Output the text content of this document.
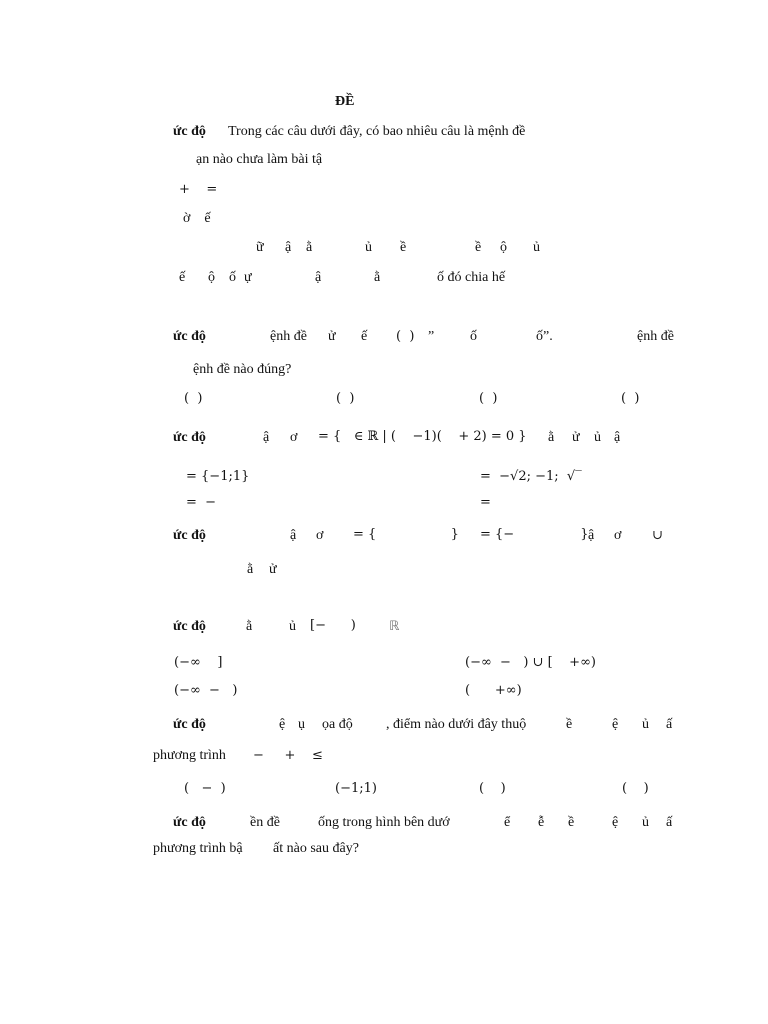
ĐỀ
ức độ Trong các câu dưới đây, có bao nhiêu câu là mệnh đề
ạn nào chưa làm bài tậ
+    =
ờ    ế
ữ ậ ằ	ủ ề	ề ộ ủ
ế ộ ố ự	ậ	ằ	ố đó chia hế
ức độ	ệnh đề ử ế (  ) ”	ố	ố”.	ệnh đề
ệnh đề nào đúng?
(  )	(  )	(  )	(  )
ức độ	ậ ơ = {   ∈ ℝ | (    −1)(    + 2) = 0 } ằ ử ủ ậ
= {−1;1}	=  −√2; −1;  √‾
=  −	=
ức độ	ậ ơ = {                  } = {−                } ậ ơ ∪
ằ ử
ức độ	ằ	ủ [−      )	ℝ
(−∞    ]	(−∞  −   ) ∪ [    +∞)
(−∞  −   )	(      +∞)
ức độ	ệ ụ ọa độ , điểm nào dưới đây thuộ	ề	ệ ủ ấ
phương trình −     +    ≤
(   −  )	(−1;1)	(    )	(    )
ức độ	ền đề	ống trong hình bên dướ	ể ễ ề	ệ ủ ấ
phương trình bậ ất nào sau đây?
